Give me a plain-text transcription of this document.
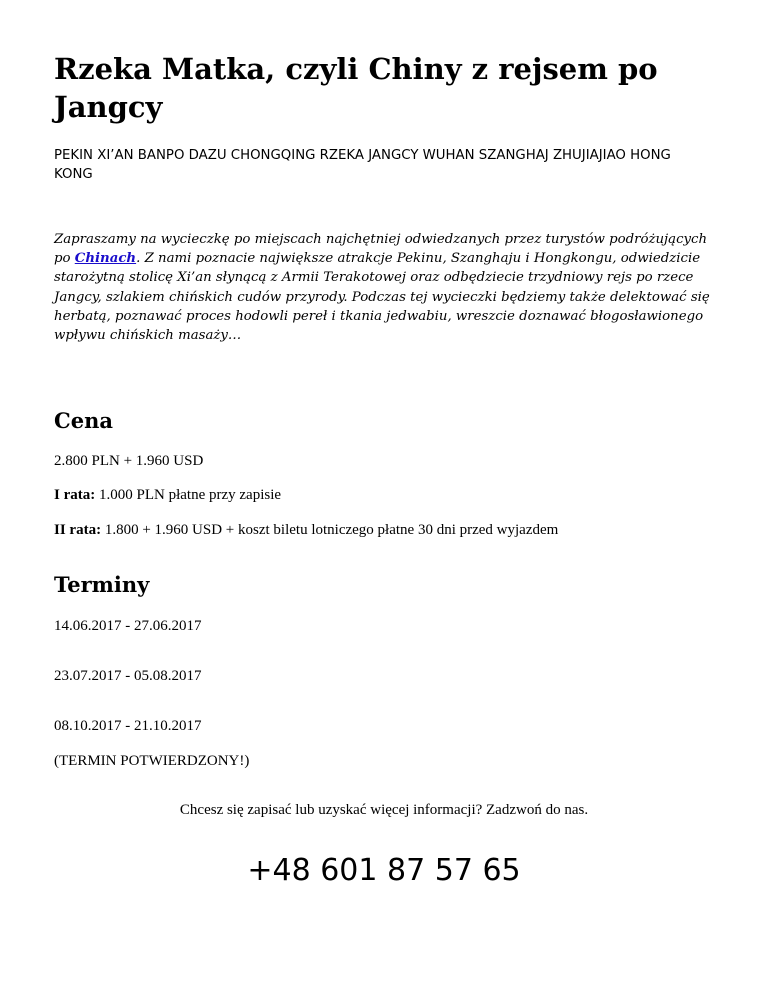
Rzeka Matka, czyli Chiny z rejsem po Jangcy

PEKIN XI’AN BANPO DAZU CHONGQING RZEKA JANGCY WUHAN SZANGHAJ ZHUJIAJIAO HONG KONG

Zapraszamy na wycieczkę po miejscach najchętniej odwiedzanych przez turystów podróżujących po Chinach. Z nami poznacie największe atrakcje Pekinu, Szanghaju i Hongkongu, odwiedzicie starożytną stolicę Xi’an słynącą z Armii Terakotowej oraz odbędziecie trzydniowy rejs po rzece Jangcy, szlakiem chińskich cudów przyrody. Podczas tej wycieczki będziemy także delektować się herbatą, poznawać proces hodowli pereł i tkania jedwabiu, wreszcie doznawać błogosławionego wpływu chińskich masaży…

Cena

2.800 PLN + 1.960 USD

I rata: 1.000 PLN płatne przy zapisie

II rata: 1.800 + 1.960 USD + koszt biletu lotniczego płatne 30 dni przed wyjazdem

Terminy

14.06.2017 - 27.06.2017

23.07.2017 - 05.08.2017

08.10.2017 - 21.10.2017

(TERMIN POTWIERDZONY!)

Chcesz się zapisać lub uzyskać więcej informacji? Zadzwoń do nas.

+48 601 87 57 65
